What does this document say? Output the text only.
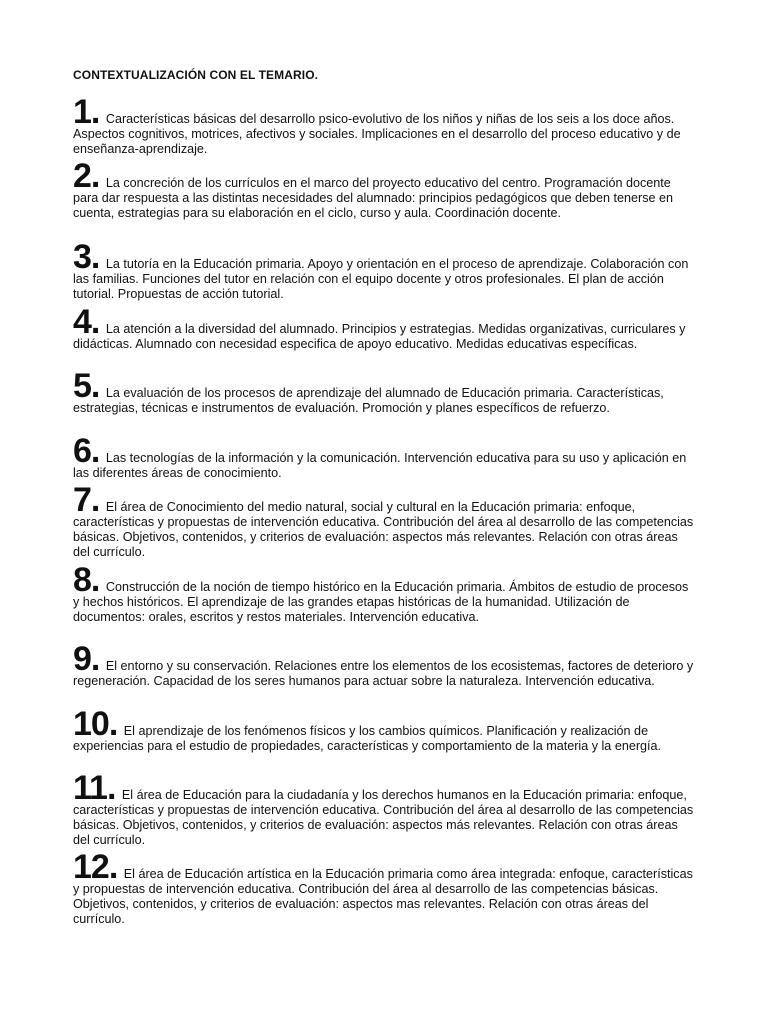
CONTEXTUALIZACIÓN CON EL TEMARIO.

1. Características básicas del desarrollo psico-evolutivo de los niños y niñas de los seis a los doce años. Aspectos cognitivos, motrices, afectivos y sociales. Implicaciones en el desarrollo del proceso educativo y de enseñanza-aprendizaje.

2. La concreción de los currículos en el marco del proyecto educativo del centro. Programación docente para dar respuesta a las distintas necesidades del alumnado: principios pedagógicos que deben tenerse en cuenta, estrategias para su elaboración en el ciclo, curso y aula. Coordinación docente.

3. La tutoría en la Educación primaria. Apoyo y orientación en el proceso de aprendizaje. Colaboración con las familias. Funciones del tutor en relación con el equipo docente y otros profesionales. El plan de acción tutorial. Propuestas de acción tutorial.

4. La atención a la diversidad del alumnado. Principios y estrategias. Medidas organizativas, curriculares y didácticas. Alumnado con necesidad especifica de apoyo educativo. Medidas educativas específicas.

5. La evaluación de los procesos de aprendizaje del alumnado de Educación primaria. Características, estrategias, técnicas e instrumentos de evaluación. Promoción y planes específicos de refuerzo.

6. Las tecnologías de la información y la comunicación. Intervención educativa para su uso y aplicación en las diferentes áreas de conocimiento.

7. El área de Conocimiento del medio natural, social y cultural en la Educación primaria: enfoque, características y propuestas de intervención educativa. Contribución del área al desarrollo de las competencias básicas. Objetivos, contenidos, y criterios de evaluación: aspectos más relevantes. Relación con otras áreas del currículo.

8. Construcción de la noción de tiempo histórico en la Educación primaria. Ámbitos de estudio de procesos y hechos históricos. El aprendizaje de las grandes etapas históricas de la humanidad. Utilización de documentos: orales, escritos y restos materiales. Intervención educativa.

9. El entorno y su conservación. Relaciones entre los elementos de los ecosistemas, factores de deterioro y regeneración. Capacidad de los seres humanos para actuar sobre la naturaleza. Intervención educativa.

10. El aprendizaje de los fenómenos físicos y los cambios químicos. Planificación y realización de experiencias para el estudio de propiedades, características y comportamiento de la materia y la energía.

11. El área de Educación para la ciudadanía y los derechos humanos en la Educación primaria: enfoque, características y propuestas de intervención educativa. Contribución del área al desarrollo de las competencias básicas. Objetivos, contenidos, y criterios de evaluación: aspectos más relevantes. Relación con otras áreas del currículo.

12. El área de Educación artística en la Educación primaria como área integrada: enfoque, características y propuestas de intervención educativa. Contribución del área al desarrollo de las competencias básicas. Objetivos, contenidos, y criterios de evaluación: aspectos mas relevantes. Relación con otras áreas del currículo.
